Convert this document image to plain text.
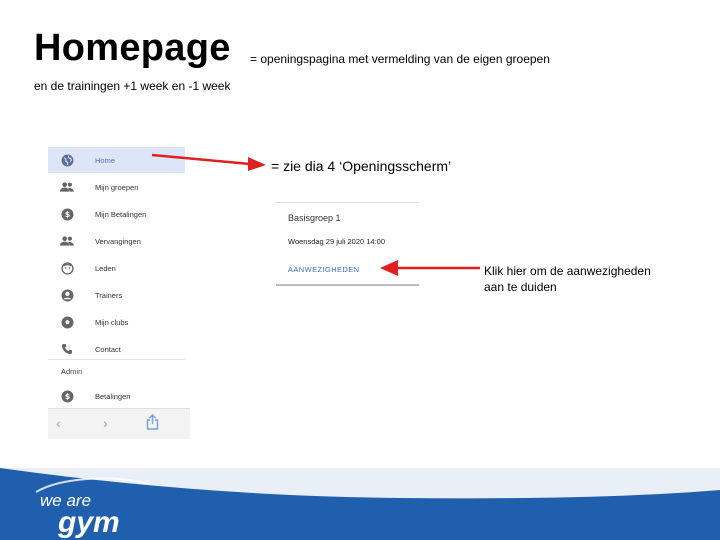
Homepage = openingspagina met vermelding van de eigen groepen
en de trainingen +1 week en -1 week
Home
Mijn groepen
$	Mijn Betalingen
Vervangingen
Leden
Trainers
Mijn clubs
Contact
Admin
$	Betalingen
‹	›
Basisgroep 1
Woensdag 29 juli 2020 14:00
AANWEZIGHEDEN
= zie dia 4 ‘Openingsscherm’
Klik hier om de aanwezigheden aan te duiden
we are
gym
